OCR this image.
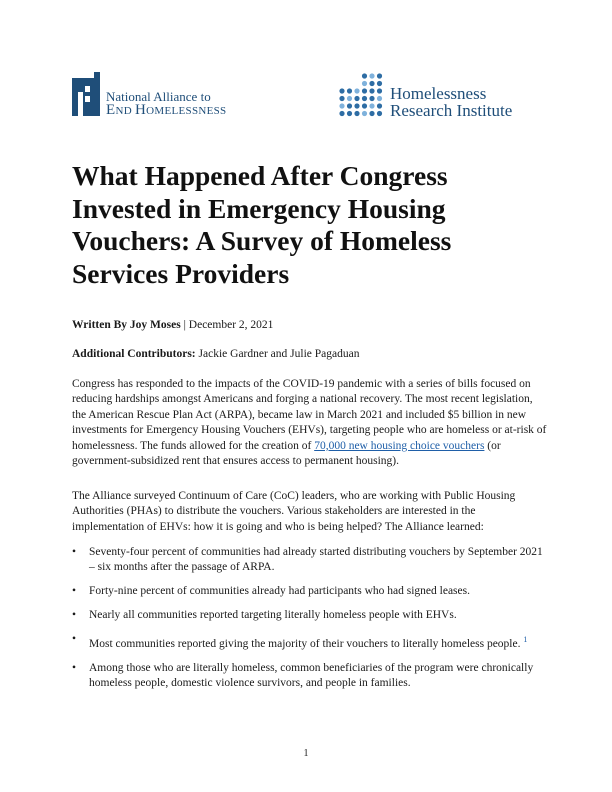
National Alliance to
END HOMELESSNESS
Homelessness
Research Institute
What Happened After Congress Invested in Emergency Housing Vouchers: A Survey of Homeless Services Providers
Written By Joy Moses | December 2, 2021
Additional Contributors: Jackie Gardner and Julie Pagaduan

Congress has responded to the impacts of the COVID-19 pandemic with a series of bills focused on reducing hardships amongst Americans and forging a national recovery. The most recent legislation, the American Rescue Plan Act (ARPA), became law in March 2021 and included $5 billion in new investments for Emergency Housing Vouchers (EHVs), targeting people who are homeless or at-risk of homelessness. The funds allowed for the creation of 70,000 new housing choice vouchers (or government-subsidized rent that ensures access to permanent housing).

The Alliance surveyed Continuum of Care (CoC) leaders, who are working with Public Housing Authorities (PHAs) to distribute the vouchers. Various stakeholders are interested in the implementation of EHVs: how it is going and who is being helped? The Alliance learned:

• Seventy-four percent of communities had already started distributing vouchers by September 2021 – six months after the passage of ARPA.
• Forty-nine percent of communities already had participants who had signed leases.
• Nearly all communities reported targeting literally homeless people with EHVs.
• Most communities reported giving the majority of their vouchers to literally homeless people. $^1$
• Among those who are literally homeless, common beneficiaries of the program were chronically homeless people, domestic violence survivors, and people in families.
1
